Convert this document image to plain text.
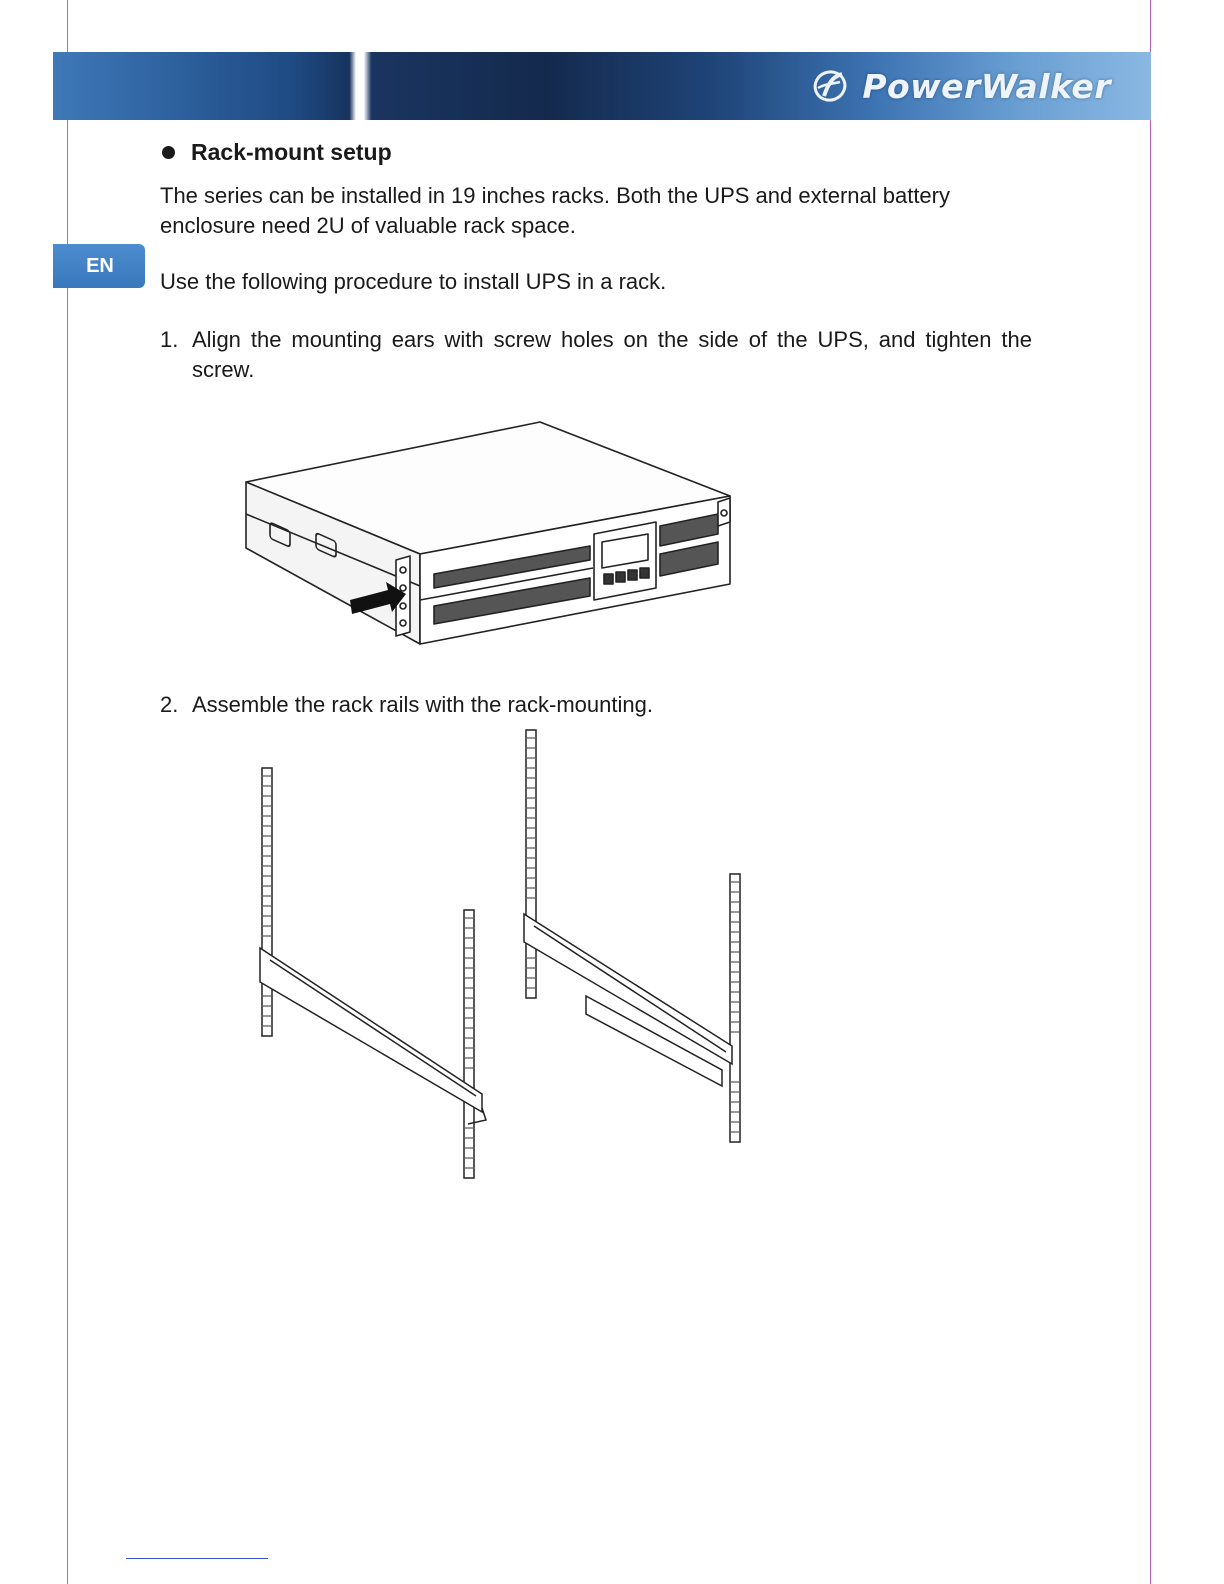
PowerWalker
EN
Rack-mount setup

The series can be installed in 19 inches racks. Both the UPS and external battery enclosure need 2U of valuable rack space.

Use the following procedure to install UPS in a rack.

1. Align the mounting ears with screw holes on the side of the UPS, and tighten the screw.
2. Assemble the rack rails with the rack-mounting.
